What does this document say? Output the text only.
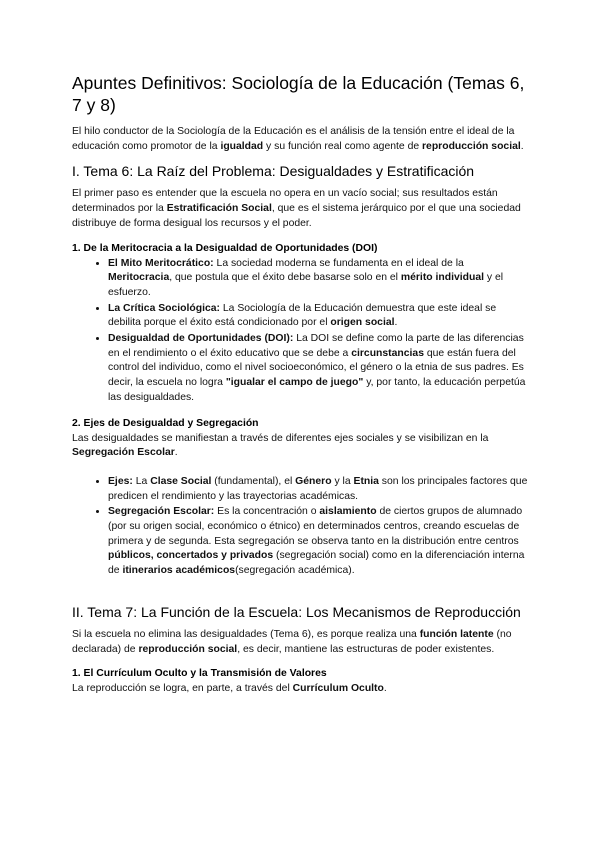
Apuntes Definitivos: Sociología de la Educación (Temas 6, 7 y 8)

El hilo conductor de la Sociología de la Educación es el análisis de la tensión entre el ideal de la educación como promotor de la igualdad y su función real como agente de reproducción social.

I. Tema 6: La Raíz del Problema: Desigualdades y Estratificación

El primer paso es entender que la escuela no opera en un vacío social; sus resultados están determinados por la Estratificación Social, que es el sistema jerárquico por el que una sociedad distribuye de forma desigual los recursos y el poder.

1. De la Meritocracia a la Desigualdad de Oportunidades (DOI)
• El Mito Meritocrático: La sociedad moderna se fundamenta en el ideal de la Meritocracia, que postula que el éxito debe basarse solo en el mérito individual y el esfuerzo.
• La Crítica Sociológica: La Sociología de la Educación demuestra que este ideal se debilita porque el éxito está condicionado por el origen social.
• Desigualdad de Oportunidades (DOI): La DOI se define como la parte de las diferencias en el rendimiento o el éxito educativo que se debe a circunstancias que están fuera del control del individuo, como el nivel socioeconómico, el género o la etnia de sus padres. Es decir, la escuela no logra "igualar el campo de juego" y, por tanto, la educación perpetúa las desigualdades.
2. Ejes de Desigualdad y Segregación

Las desigualdades se manifiestan a través de diferentes ejes sociales y se visibilizan en la Segregación Escolar.

• Ejes: La Clase Social (fundamental), el Género y la Etnia son los principales factores que predicen el rendimiento y las trayectorias académicas.
• Segregación Escolar: Es la concentración o aislamiento de ciertos grupos de alumnado (por su origen social, económico o étnico) en determinados centros, creando escuelas de primera y de segunda. Esta segregación se observa tanto en la distribución entre centros públicos, concertados y privados (segregación social) como en la diferenciación interna de itinerarios académicos(segregación académica).
II. Tema 7: La Función de la Escuela: Los Mecanismos de Reproducción

Si la escuela no elimina las desigualdades (Tema 6), es porque realiza una función latente (no declarada) de reproducción social, es decir, mantiene las estructuras de poder existentes.

1. El Currículum Oculto y la Transmisión de Valores

La reproducción se logra, en parte, a través del Currículum Oculto.
